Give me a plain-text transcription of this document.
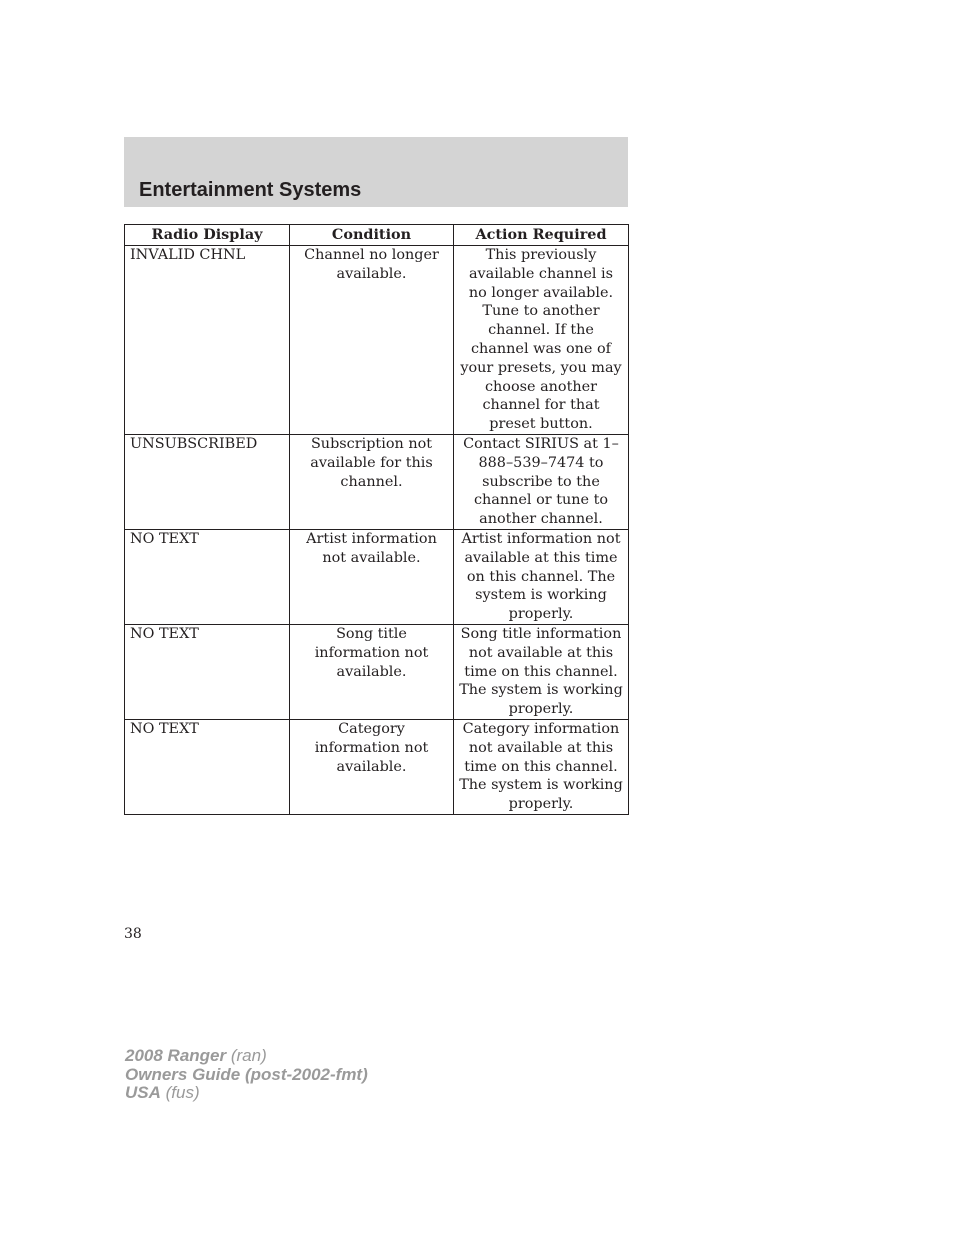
Entertainment Systems
Radio Display	Condition	Action Required
INVALID CHNL	Channel no longer available.	This previously available channel is no longer available. Tune to another channel. If the channel was one of your presets, you may choose another channel for that preset button.
UNSUBSCRIBED	Subscription not available for this channel.	Contact SIRIUS at 1–888–539–7474 to subscribe to the channel or tune to another channel.
NO TEXT	Artist information not available.	Artist information not available at this time on this channel. The system is working properly.
NO TEXT	Song title information not available.	Song title information not available at this time on this channel. The system is working properly.
NO TEXT	Category information not available.	Category information not available at this time on this channel. The system is working properly.
38
2008 Ranger (ran)
Owners Guide (post-2002-fmt)
USA (fus)
